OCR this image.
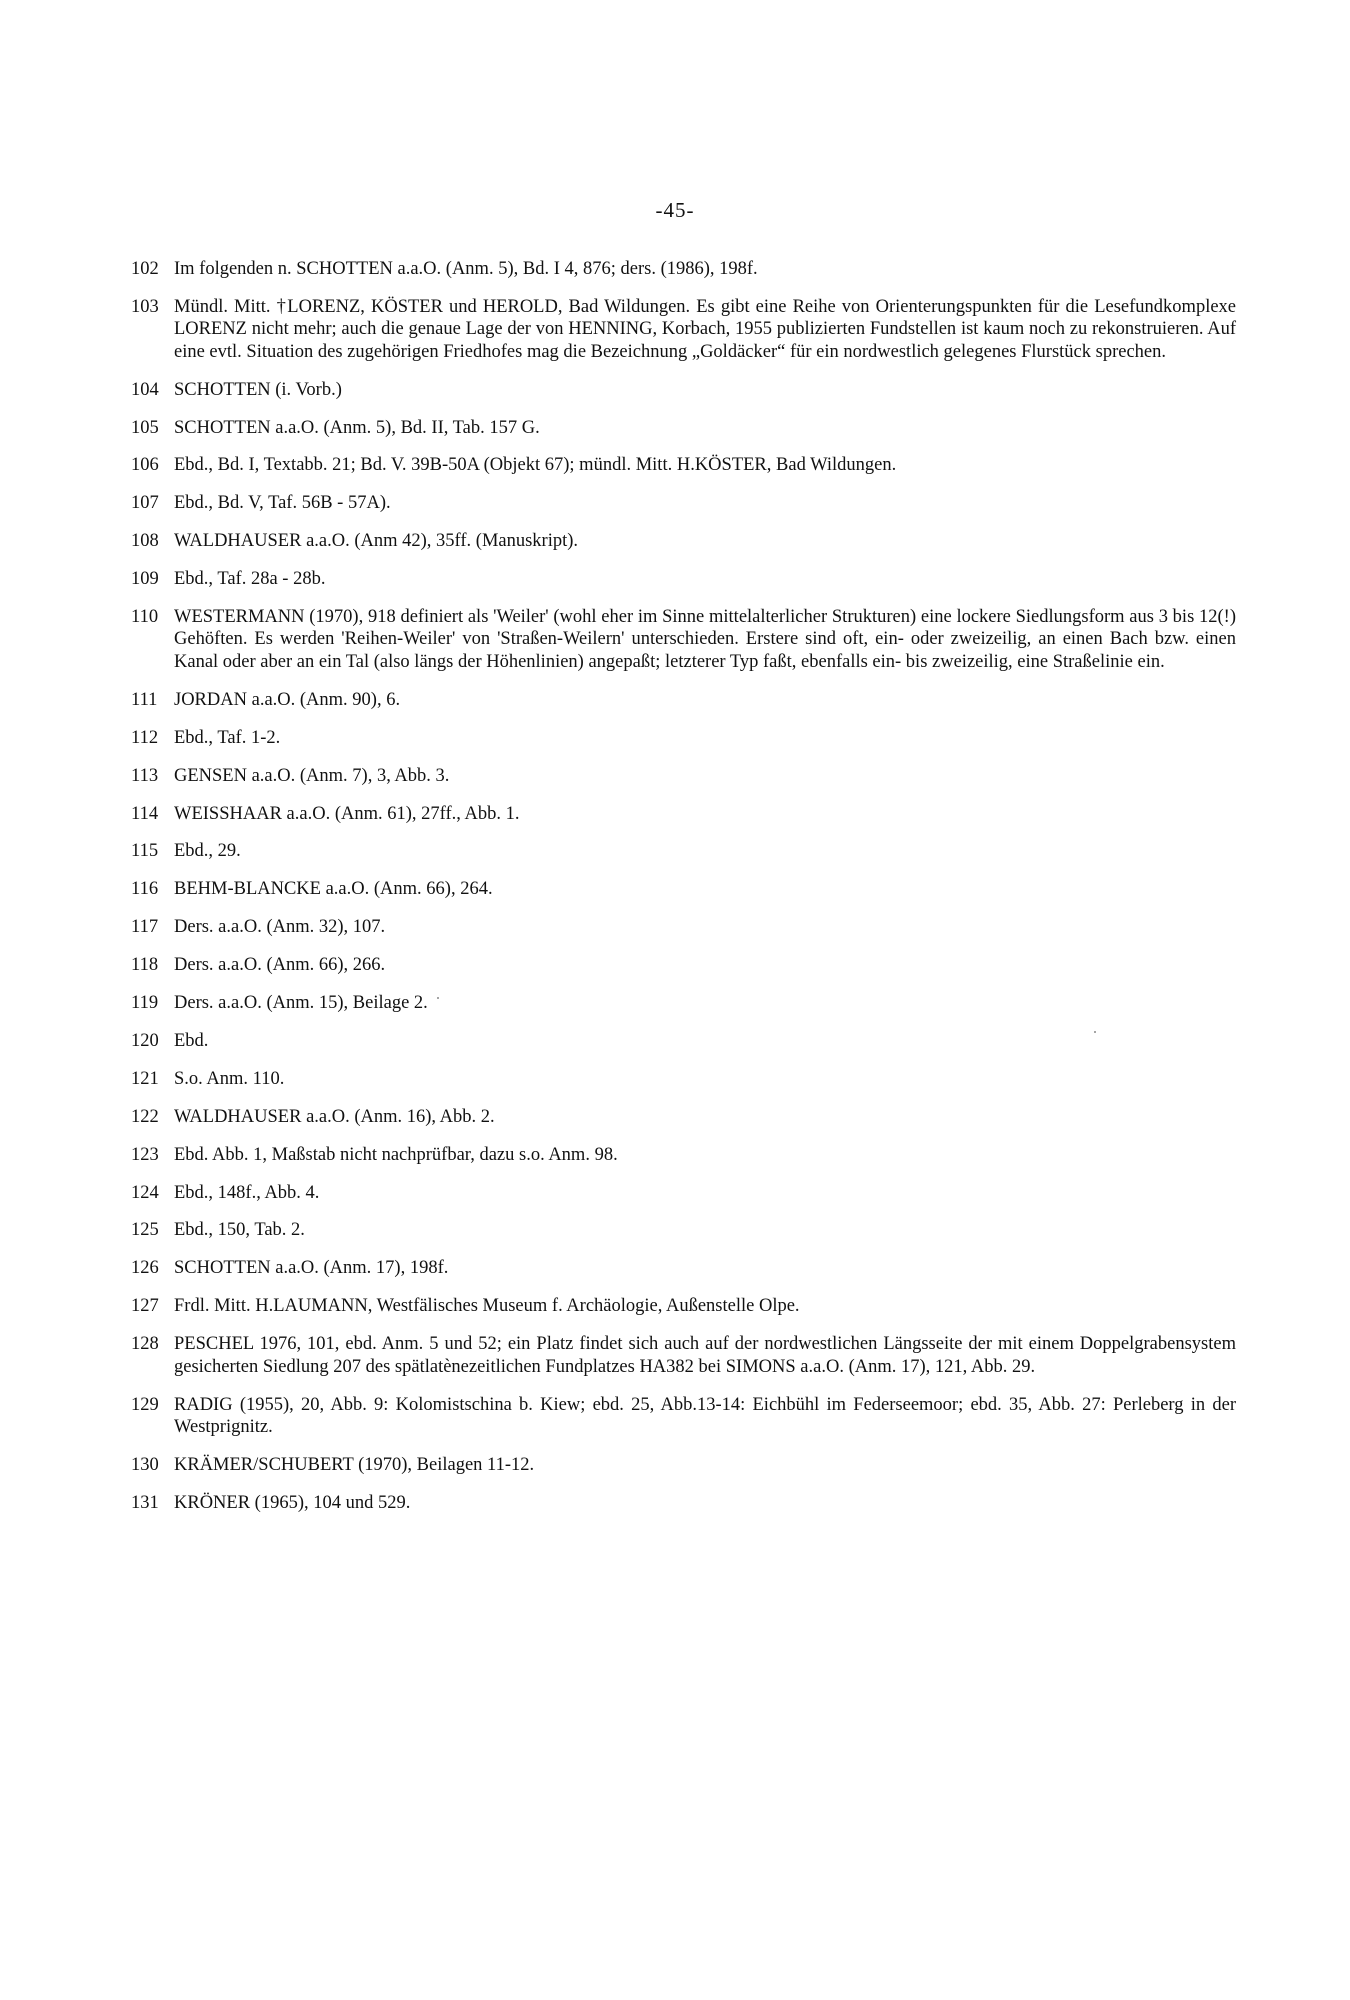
-45-
102 Im folgenden n. SCHOTTEN a.a.O. (Anm. 5), Bd. I 4, 876; ders. (1986), 198f.
103 Mündl. Mitt. †LORENZ, KÖSTER und HEROLD, Bad Wildungen. Es gibt eine Reihe von Orienterungspunkten für die Lesefundkomplexe LORENZ nicht mehr; auch die genaue Lage der von HENNING, Korbach, 1955 publizierten Fundstellen ist kaum noch zu rekonstruieren. Auf eine evtl. Situation des zugehörigen Friedhofes mag die Bezeichnung „Goldäcker“ für ein nordwestlich gelegenes Flurstück sprechen.
104 SCHOTTEN (i. Vorb.)
105 SCHOTTEN a.a.O. (Anm. 5), Bd. II, Tab. 157 G.
106 Ebd., Bd. I, Textabb. 21; Bd. V. 39B-50A (Objekt 67); mündl. Mitt. H.KÖSTER, Bad Wildungen.
107 Ebd., Bd. V, Taf. 56B - 57A).
108 WALDHAUSER a.a.O. (Anm 42), 35ff. (Manuskript).
109 Ebd., Taf. 28a - 28b.
110 WESTERMANN (1970), 918 definiert als 'Weiler' (wohl eher im Sinne mittelalterlicher Strukturen) eine lockere Siedlungsform aus 3 bis 12(!) Gehöften. Es werden 'Reihen-Weiler' von 'Straßen-Weilern' unterschieden. Erstere sind oft, ein- oder zweizeilig, an einen Bach bzw. einen Kanal oder aber an ein Tal (also längs der Höhenlinien) angepaßt; letzterer Typ faßt, ebenfalls ein- bis zweizeilig, eine Straßelinie ein.
111 JORDAN a.a.O. (Anm. 90), 6.
112 Ebd., Taf. 1-2.
113 GENSEN a.a.O. (Anm. 7), 3, Abb. 3.
114 WEISSHAAR a.a.O. (Anm. 61), 27ff., Abb. 1.
115 Ebd., 29.
116 BEHM-BLANCKE a.a.O. (Anm. 66), 264.
117 Ders. a.a.O. (Anm. 32), 107.
118 Ders. a.a.O. (Anm. 66), 266.
119 Ders. a.a.O. (Anm. 15), Beilage 2.
120 Ebd.
121 S.o. Anm. 110.
122 WALDHAUSER a.a.O. (Anm. 16), Abb. 2.
123 Ebd. Abb. 1, Maßstab nicht nachprüfbar, dazu s.o. Anm. 98.
124 Ebd., 148f., Abb. 4.
125 Ebd., 150, Tab. 2.
126 SCHOTTEN a.a.O. (Anm. 17), 198f.
127 Frdl. Mitt. H.LAUMANN, Westfälisches Museum f. Archäologie, Außenstelle Olpe.
128 PESCHEL 1976, 101, ebd. Anm. 5 und 52; ein Platz findet sich auch auf der nordwestlichen Längsseite der mit einem Doppelgrabensystem gesicherten Siedlung 207 des spätlatènezeitlichen Fundplatzes HA382 bei SIMONS a.a.O. (Anm. 17), 121, Abb. 29.
129 RADIG (1955), 20, Abb. 9: Kolomistschina b. Kiew; ebd. 25, Abb.13-14: Eichbühl im Federseemoor; ebd. 35, Abb. 27: Perleberg in der Westprignitz.
130 KRÄMER/SCHUBERT (1970), Beilagen 11-12.
131 KRÖNER (1965), 104 und 529.
